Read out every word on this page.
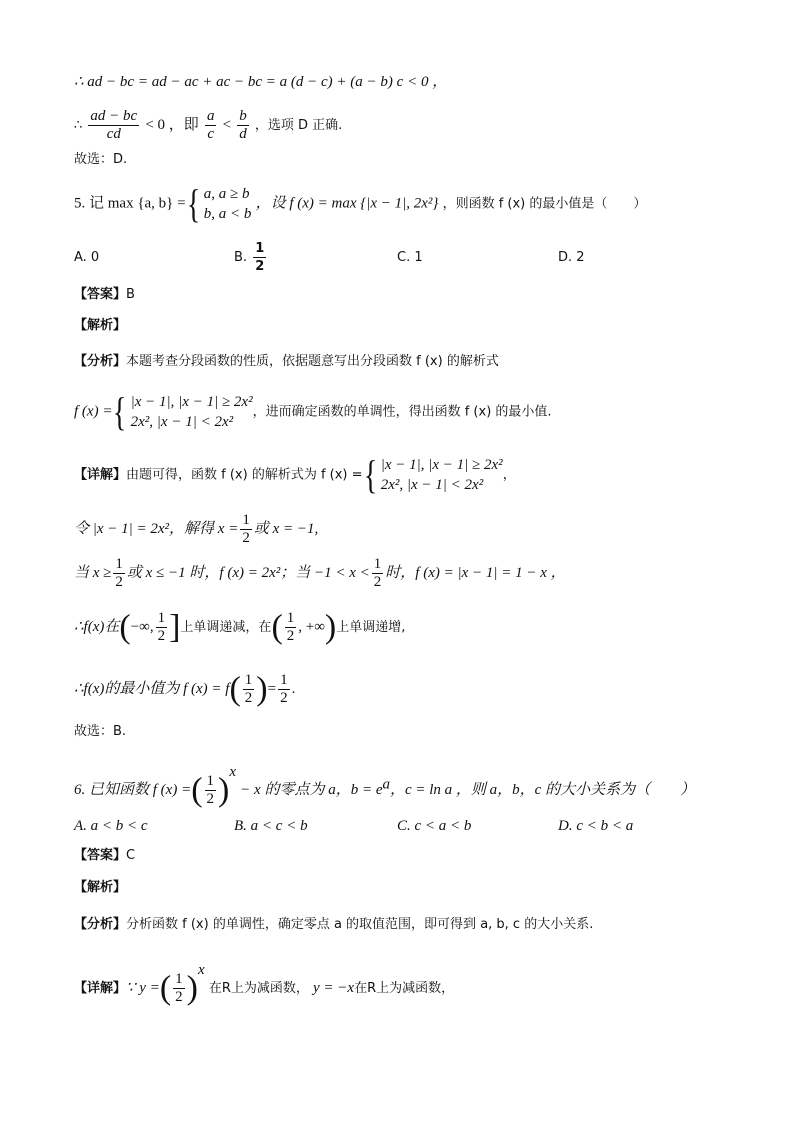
∴ ad − bc = ad − ac + ac − bc = a (d − c) + (a − b) c < 0 ，
∴ $\frac{ad - bc}{cd} < 0$ ，即 $\frac{a}{c} < \frac{b}{d}$ ，选项 D 正确.
故选：D.
5. 记 max {a, b} ={ a, a ≥ b
b, a < b
，设 f (x) = max {|x − 1|, 2x²} ，则函数 f (x) 的最小值是（　　）
A. 0	B. $\frac{1}{2}$	C. 1	D. 2
【答案】B
【解析】
【分析】本题考查分段函数的性质，依据题意写出分段函数 f (x) 的解析式
f (x) ={ |x − 1|, |x − 1| ≥ 2x²
2x², |x − 1| < 2x²
，进而确定函数的单调性，得出函数 f (x) 的最小值.
【详解】由题可得，函数 f (x) 的解析式为 f (x) ={ |x − 1|, |x − 1| ≥ 2x²
2x², |x − 1| < 2x²
，
令 |x − 1| = 2x²，解得 $x = \frac{1}{2}$ 或 x = −1,
当 $x \ge \frac{1}{2}$ 或 x ≤ −1 时，f (x) = 2x²；当 $-1 < x < \frac{1}{2}$ 时，f (x) = |x − 1| = 1 − x ，
∴f(x)在(−∞, $\frac{1}{2}$ ]上单调递减，在( $\frac{1}{2}$ , +∞)上单调递增,
∴f(x)的最小值为 f $(x) = f( \frac{1}{2}$ )= $\frac{1}{2}$ .
故选：B.
6. 已知函数 f (x) =( $\frac{1}{2} )^x - x$ 的零点为 a，$b = e^a$，c = ln a ，则 a，b，c 的大小关系为（　　）
A. a < b < c	B. a < c < b	C. c < a < b	D. c < b < a
【答案】C
【解析】
【分析】分析函数 f (x) 的单调性，确定零点 a 的取值范围，即可得到 a, b, c 的大小关系.
【详解】∵ y =( $\frac{1}{2} )^x$ 在R上为减函数， y = −x在R上为减函数，
